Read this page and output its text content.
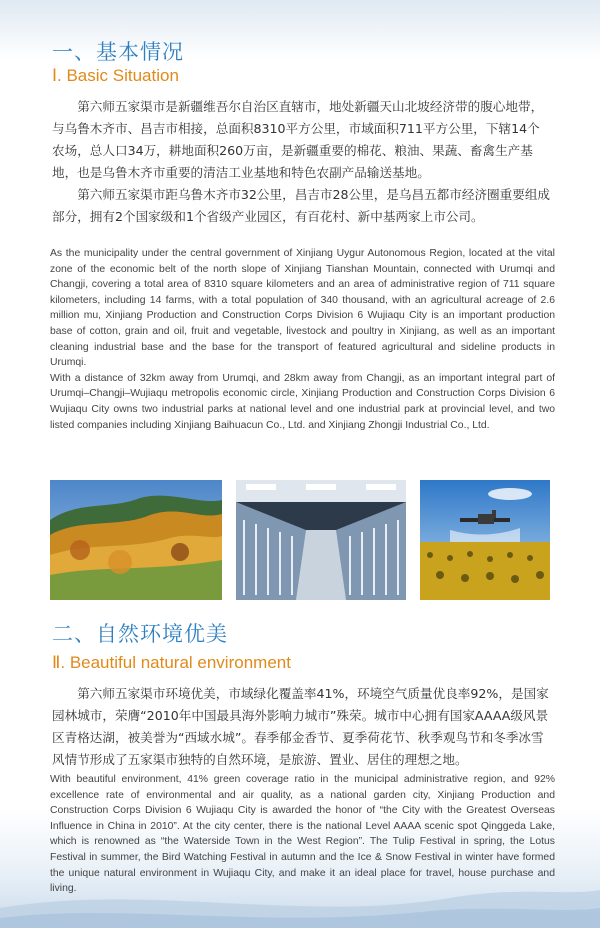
一、基本情况
Ⅰ. Basic Situation

第六师五家渠市是新疆维吾尔自治区直辖市，地处新疆天山北坡经济带的腹心地带，与乌鲁木齐市、昌吉市相接，总面积8310平方公里，市域面积711平方公里，下辖14个农场，总人口34万，耕地面积260万亩，是新疆重要的棉花、粮油、果蔬、畜禽生产基地，也是乌鲁木齐市重要的清洁工业基地和特色农副产品输送基地。

第六师五家渠市距乌鲁木齐市32公里，昌吉市28公里，是乌昌五都市经济圈重要组成部分，拥有2个国家级和1个省级产业园区，有百花村、新中基两家上市公司。

As the municipality under the central government of Xinjiang Uygur Autonomous Region, located at the vital zone of the economic belt of the north slope of Xinjiang Tianshan Mountain, connected with Urumqi and Changji, covering a total area of 8310 square kilometers and an area of administrative region of 711 square kilometers, including 14 farms, with a total population of 340 thousand, with an agricultural acreage of 2.6 million mu, Xinjiang Production and Construction Corps Division 6 Wujiaqu City is an important production base of cotton, grain and oil, fruit and vegetable, livestock and poultry in Xinjiang, as well as an important cleaning industrial base and the base for the transport of featured agricultural and sideline products in Urumqi.
With a distance of 32km away from Urumqi, and 28km away from Changji, as an important integral part of Urumqi–Changji–Wujiaqu metropolis economic circle, Xinjiang Production and Construction Corps Division 6 Wujiaqu City owns two industrial parks at national level and one industrial park at provincial level, and two listed companies including Xinjiang Baihuacun Co., Ltd. and Xinjiang Zhongji Industrial Co., Ltd.

二、自然环境优美
Ⅱ. Beautiful natural environment

第六师五家渠市环境优美，市域绿化覆盖率41%，环境空气质量优良率92%，是国家园林城市，荣膺“2010年中国最具海外影响力城市”殊荣。城市中心拥有国家AAAA级风景区青格达湖，被美誉为“西域水城”。春季郁金香节、夏季荷花节、秋季观鸟节和冬季冰雪风情节形成了五家渠市独特的自然环境，是旅游、置业、居住的理想之地。

With beautiful environment, 41% green coverage ratio in the municipal administrative region, and 92% excellence rate of environmental and air quality, as a national garden city, Xinjiang Production and Construction Corps Division 6 Wujiaqu City is awarded the honor of “the City with the Greatest Overseas Influence in China in 2010”. At the city center, there is the national Level AAAA scenic spot Qinggeda Lake, which is renowned as “the Waterside Town in the West Region”. The Tulip Festival in spring, the Lotus Festival in summer, the Bird Watching Festival in autumn and the Ice & Snow Festival in winter have formed the unique natural environment in Wujiaqu City, and make it an ideal place for travel, house purchase and living.
